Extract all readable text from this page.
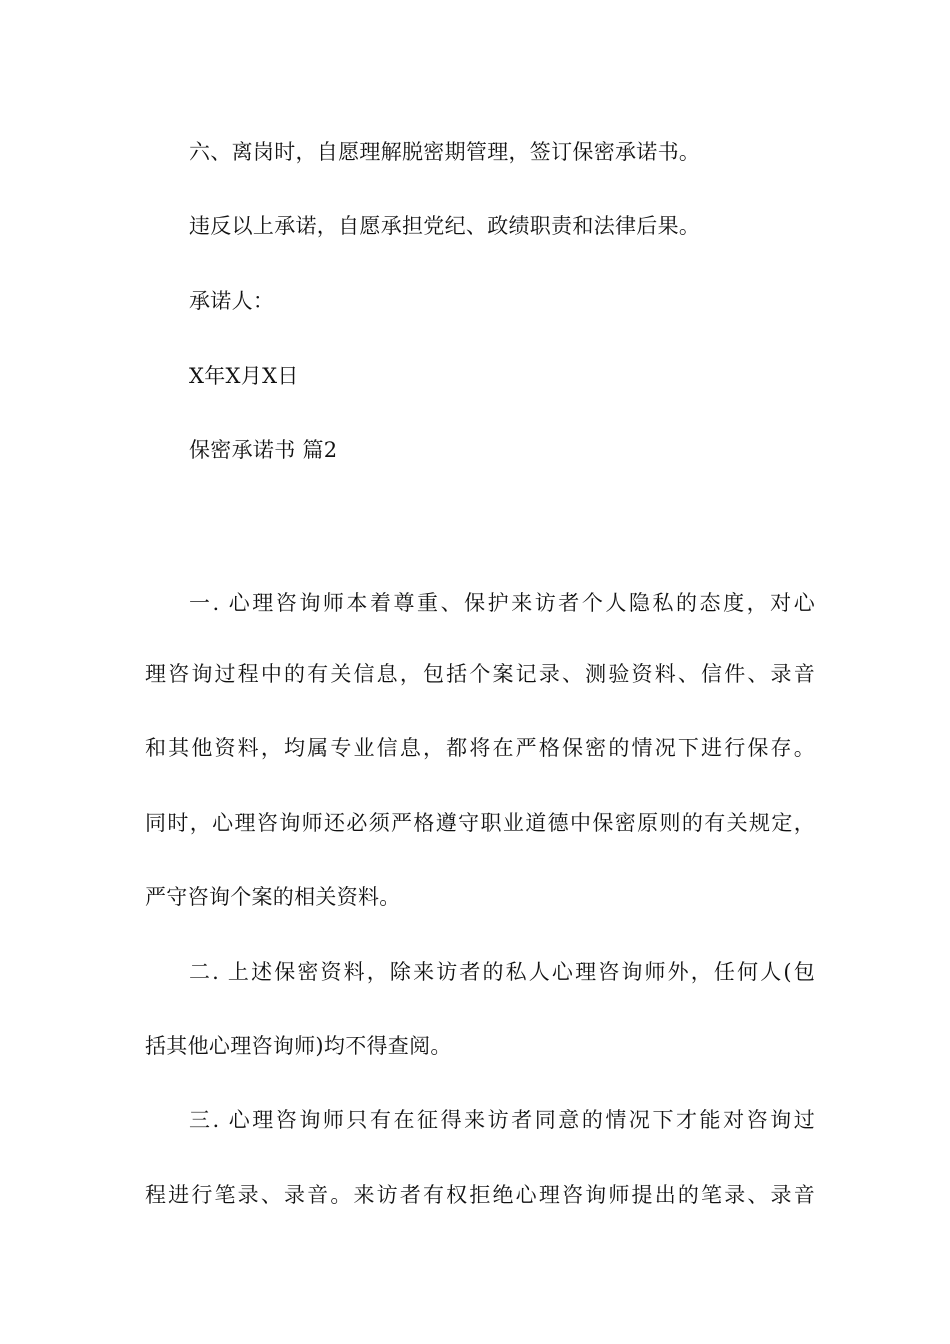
六、离岗时，自愿理解脱密期管理，签订保密承诺书。
违反以上承诺，自愿承担党纪、政绩职责和法律后果。
承诺人：
X年X月X日
保密承诺书 篇2
一. 心理咨询师本着尊重、保护来访者个人隐私的态度，对心
理咨询过程中的有关信息，包括个案记录、测验资料、信件、录音
和其他资料，均属专业信息，都将在严格保密的情况下进行保存。
同时，心理咨询师还必须严格遵守职业道德中保密原则的有关规定，
严守咨询个案的相关资料。
二. 上述保密资料，除来访者的私人心理咨询师外，任何人(包
括其他心理咨询师)均不得查阅。
三. 心理咨询师只有在征得来访者同意的情况下才能对咨询过
程进行笔录、录音。来访者有权拒绝心理咨询师提出的笔录、录音
